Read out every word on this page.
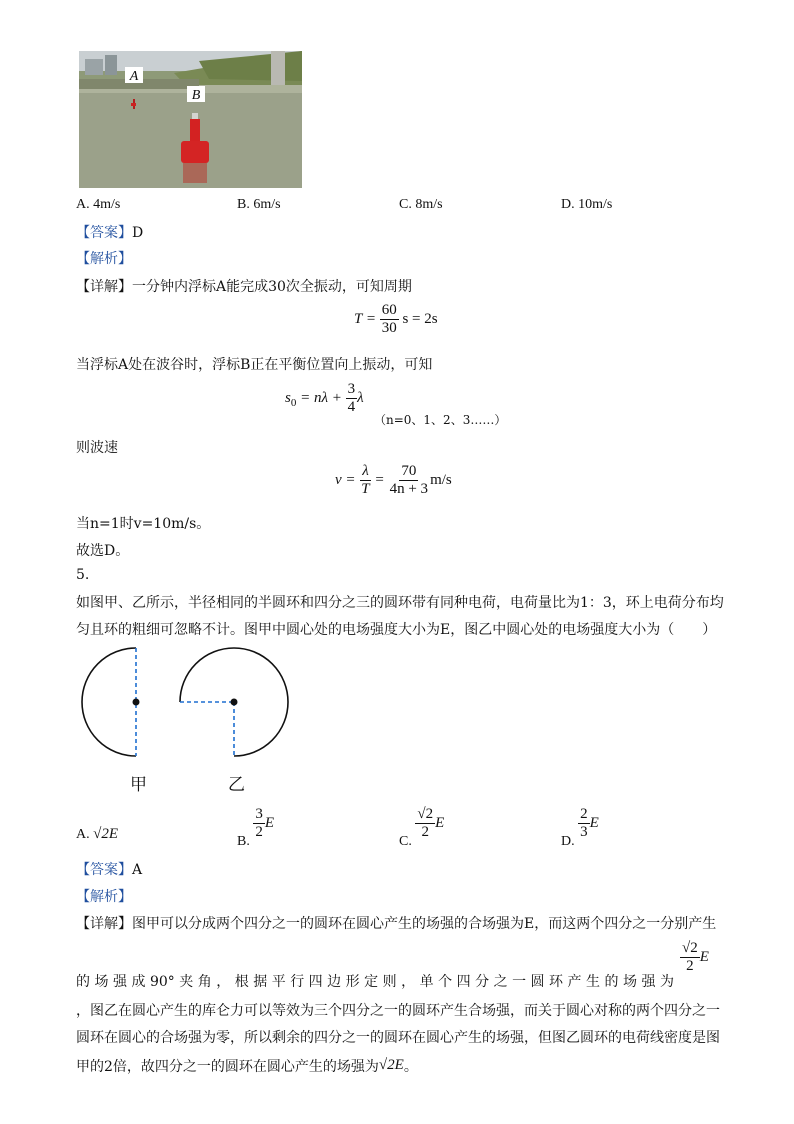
A
B
A. 4m/s	B. 6m/s	C. 8m/s	D. 10m/s
【答案】D
【解析】
【详解】一分钟内浮标A能完成30次全振动，可知周期
$T = \frac{60}{30}$ s = 2s
当浮标A处在波谷时，浮标B正在平衡位置向上振动，可知
$s_0 = n\lambda + \frac{3}{4}$ λ
（n=0、1、2、3……）
则波速
$v = \frac{\lambda}{T} = \frac{70}{4n + 3} m/s$
当n=1时v=10m/s。
故选D。
5.
如图甲、乙所示，半径相同的半圆环和四分之三的圆环带有同种电荷，电荷量比为1：3，环上电荷分布均
匀且环的粗细可忽略不计。图甲中圆心处的电场强度大小为E，图乙中圆心处的电场强度大小为（　　）
甲	乙
A. √2E	B. $\frac{3}{2}$ E
C. $\frac{√2}{2}$ E
D. $\frac{2}{3}$ E
【答案】A
【解析】
【详解】图甲可以分成两个四分之一的圆环在圆心产生的场强的合场强为E，而这两个四分之一分别产生
$\frac{√2}{2}$ E
的场强成90°夹角，根据平行四边形定则，单个四分之一圆环产生的场强为
，图乙在圆心产生的库仑力可以等效为三个四分之一的圆环产生合场强，而关于圆心对称的两个四分之一
圆环在圆心的合场强为零，所以剩余的四分之一的圆环在圆心产生的场强，但图乙圆环的电荷线密度是图
甲的2倍，故四分之一的圆环在圆心产生的场强为√2E。
